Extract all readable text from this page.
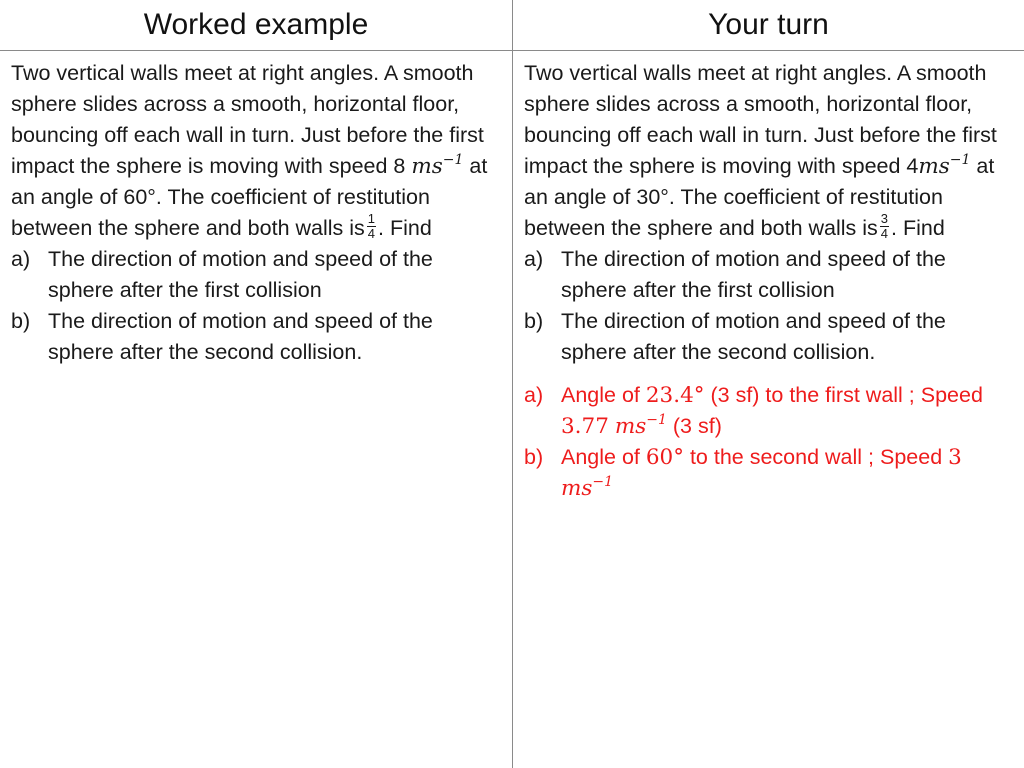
Worked example	Your turn

Two vertical walls meet at right angles. A smooth sphere slides across a smooth, horizontal floor, bouncing off each wall in turn. Just before the first impact the sphere is moving with speed 8 $ms^{-1}$ at an angle of 60°. The coefficient of restitution between the sphere and both walls is $\frac{1}{4}$ . Find

a) The direction of motion and speed of the sphere after the first collision
b) The direction of motion and speed of the sphere after the second collision.

Two vertical walls meet at right angles. A smooth sphere slides across a smooth, horizontal floor, bouncing off each wall in turn. Just before the first impact the sphere is moving with speed $4ms^{-1}$ at an angle of 30°. The coefficient of restitution between the sphere and both walls is $\frac{3}{4}$ . Find

a) The direction of motion and speed of the sphere after the first collision
b) The direction of motion and speed of the sphere after the second collision.
a) Angle of 23.4° (3 sf) to the first wall ; Speed 3.77 $ms^{-1}$ (3 sf)
b) Angle of 60° to the second wall ; Speed 3 $ms^{-1}$
